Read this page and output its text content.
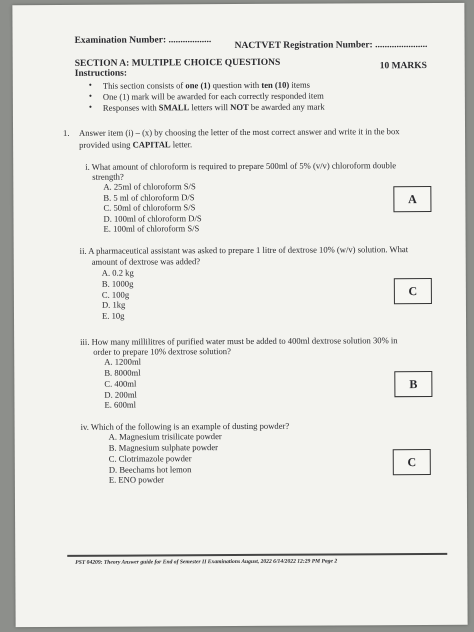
Examination Number: .................. NACTVET Registration Number: ......................
SECTION A: MULTIPLE CHOICE QUESTIONS	10 MARKS
Instructions:
• This section consists of one (1) question with ten (10) items
• One (1) mark will be awarded for each correctly responded item
• Responses with SMALL letters will NOT be awarded any mark
1. Answer item (i) – (x) by choosing the letter of the most correct answer and write it in the box
provided using CAPITAL letter.
i. What amount of chloroform is required to prepare 500ml of 5% (v/v) chloroform double
strength?
A. 25ml of chloroform S/S
B. 5 ml of chloroform D/S
C. 50ml of chloroform S/S
D. 100ml of chloroform D/S
E. 100ml of chloroform S/S
A
ii. A pharmaceutical assistant was asked to prepare 1 litre of dextrose 10% (w/v) solution. What
amount of dextrose was added?
A. 0.2 kg
B. 1000g
C. 100g
D. 1kg
E. 10g
C
iii. How many millilitres of purified water must be added to 400ml dextrose solution 30% in
order to prepare 10% dextrose solution?
A. 1200ml
B. 8000ml
C. 400ml
D. 200ml
E. 600ml
B
iv. Which of the following is an example of dusting powder?
A. Magnesium trisilicate powder
B. Magnesium sulphate powder
C. Clotrimazole powder
D. Beechams hot lemon
E. ENO powder
C
PST 04209: Theory Answer guide for End of Semester II Examinations August, 2022 6/14/2022 12:29 PM Page 2
